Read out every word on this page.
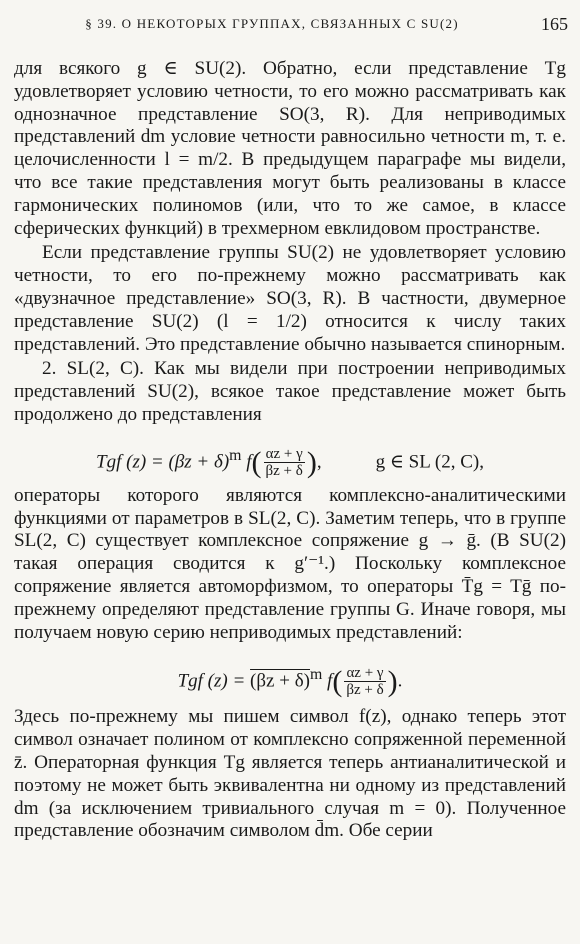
§ 39. О НЕКОТОРЫХ ГРУППАХ, СВЯЗАННЫХ С SU(2)	165

для всякого g ∈ SU(2). Обратно, если представление Tg удовлетворяет условию четности, то его можно рассматривать как однозначное представление SO(3, R). Для неприводимых представлений dm условие четности равносильно четности m, т. е. целочисленности l = m/2. В предыдущем параграфе мы видели, что все такие представления могут быть реализованы в классе гармонических полиномов (или, что то же самое, в классе сферических функций) в трехмерном евклидовом пространстве.

Если представление группы SU(2) не удовлетворяет условию четности, то его по-прежнему можно рассматривать как «двузначное представление» SO(3, R). В частности, двумерное представление SU(2) (l = 1/2) относится к числу таких представлений. Это представление обычно называется спинорным.

2. SL(2, C). Как мы видели при построении неприводимых представлений SU(2), всякое такое представление может быть продолжено до представления

Tgf $(z) = (\beta z + \delta)^m$ $f( \frac{\alpha z + \gamma}{\beta z + \delta})$,	g ∈ SL (2, C),

операторы которого являются комплексно-аналитическими функциями от параметров в SL(2, C). Заметим теперь, что в группе SL(2, C) существует комплексное сопряжение g → ḡ. (В SU(2) такая операция сводится к g′⁻¹.) Поскольку комплексное сопряжение является автоморфизмом, то операторы T̄g = Tḡ по-прежнему определяют представление группы G. Иначе говоря, мы получаем новую серию неприводимых представлений:

Tgf $(z) = (\beta z + \delta)^m$ $f( \frac{\alpha z + \gamma}{\beta z + \delta})$.

Здесь по-прежнему мы пишем символ f(z), однако теперь этот символ означает полином от комплексно сопряженной переменной z̄. Операторная функция Tg является теперь антианалитической и поэтому не может быть эквивалентна ни одному из представлений dm (за исключением тривиального случая m = 0). Полученное представление обозначим символом d̄m. Обе серии
